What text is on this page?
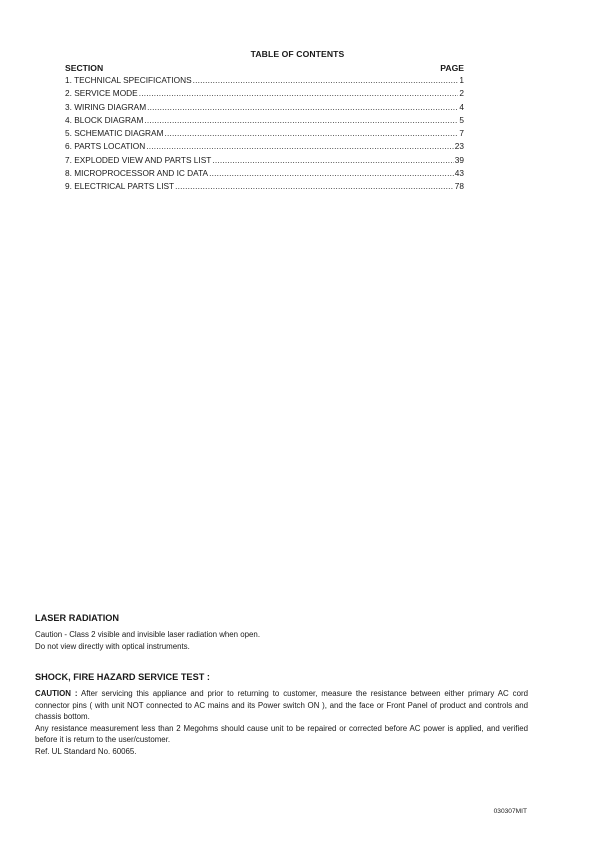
TABLE OF CONTENTS
SECTION	PAGE
1. TECHNICAL SPECIFICATIONS .....	1
2. SERVICE MODE .....	2
3. WIRING DIAGRAM .....	4
4. BLOCK DIAGRAM .....	5
5. SCHEMATIC DIAGRAM .....	7
6. PARTS LOCATION .....	23
7. EXPLODED VIEW AND PARTS LIST .....	39
8. MICROPROCESSOR AND IC DATA .....	43
9. ELECTRICAL PARTS LIST .....	78
LASER RADIATION

Caution - Class 2 visible and invisible laser radiation when open.

Do not view directly with optical instruments.

SHOCK, FIRE HAZARD SERVICE TEST :

CAUTION : After servicing this appliance and prior to returning to customer, measure the resistance between either primary AC cord connector pins ( with unit NOT connected to AC mains and its Power switch ON ), and the face or Front Panel of product and controls and chassis bottom.

Any resistance measurement less than 2 Megohms should cause unit to be repaired or corrected before AC power is applied, and verified before it is return to the user/customer.

Ref. UL Standard No. 60065.

030307MIT
